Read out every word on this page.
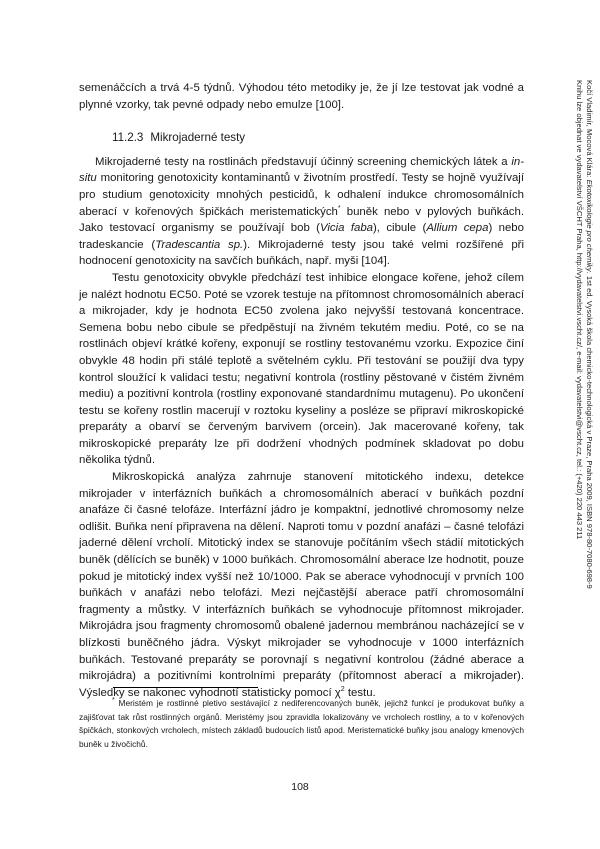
semenáčcích a trvá 4-5 týdnů. Výhodou této metodiky je, že jí lze testovat jak vodné a plynné vzorky, tak pevné odpady nebo emulze [100].

11.2.3 Mikrojaderné testy

Mikrojaderné testy na rostlinách představují účinný screening chemických látek a in-situ monitoring genotoxicity kontaminantů v životním prostředí. Testy se hojně využívají pro studium genotoxicity mnohých pesticidů, k odhalení indukce chromosomálních aberací v kořenových špičkách meristematických* buněk nebo v pylových buňkách. Jako testovací organismy se používají bob (Vicia faba), cibule (Allium cepa) nebo tradeskancie (Tradescantia sp.). Mikrojaderné testy jsou také velmi rozšířené při hodnocení genotoxicity na savčích buňkách, např. myši [104].

Testu genotoxicity obvykle předchází test inhibice elongace kořene, jehož cílem je nalézt hodnotu EC50. Poté se vzorek testuje na přítomnost chromosomálních aberací a mikrojader, kdy je hodnota EC50 zvolena jako nejvyšší testovaná koncentrace. Semena bobu nebo cibule se předpěstují na živném tekutém mediu. Poté, co se na rostlinách objeví krátké kořeny, exponují se rostliny testovanému vzorku. Expozice činí obvykle 48 hodin při stálé teplotě a světelném cyklu. Při testování se použijí dva typy kontrol sloužící k validaci testu; negativní kontrola (rostliny pěstované v čistém živném mediu) a pozitivní kontrola (rostliny exponované standardnímu mutagenu). Po ukončení testu se kořeny rostlin macerují v roztoku kyseliny a posléze se připraví mikroskopické preparáty a obarví se červeným barvivem (orcein). Jak macerované kořeny, tak mikroskopické preparáty lze při dodržení vhodných podmínek skladovat po dobu několika týdnů.

Mikroskopická analýza zahrnuje stanovení mitotického indexu, detekce mikrojader v interfázních buňkách a chromosomálních aberací v buňkách pozdní anafáze či časné telofáze. Interfázní jádro je kompaktní, jednotlivé chromosomy nelze odlišit. Buňka není připravena na dělení. Naproti tomu v pozdní anafázi – časné telofázi jaderné dělení vrcholí. Mitotický index se stanovuje počítáním všech stádií mitotických buněk (dělících se buněk) v 1000 buňkách. Chromosomální aberace lze hodnotit, pouze pokud je mitotický index vyšší než 10/1000. Pak se aberace vyhodnocují v prvních 100 buňkách v anafázi nebo telofázi. Mezi nejčastější aberace patří chromosomální fragmenty a můstky. V interfázních buňkách se vyhodnocuje přítomnost mikrojader. Mikrojádra jsou fragmenty chromosomů obalené jadernou membránou nacházející se v blízkosti buněčného jádra. Výskyt mikrojader se vyhodnocuje v 1000 interfázních buňkách. Testované preparáty se porovnají s negativní kontrolou (žádné aberace a mikrojádra) a pozitivními kontrolními preparáty (přítomnost aberací a mikrojader). Výsledky se nakonec vyhodnotí statisticky pomocí $\chi^2$ testu.

* Meristém je rostlinné pletivo sestávající z nediferencovaných buněk, jejichž funkcí je produkovat buňky a zajišťovat tak růst rostlinných orgánů. Meristémy jsou zpravidla lokalizovány ve vrcholech rostliny, a to v kořenových špičkách, stonkových vrcholech, místech základů budoucích listů apod. Meristematické buňky jsou analogy kmenových buněk u živočichů.

108
Kočí Vladimír, Mocová Klára: Ekotoxikologie pro chemiky. 1st ed. Vysoká škola chemicko-technologická v Praze, Praha 2009, ISBN 978-80-7080-698-9
Knihu lze objednat ve vydavatelství VŠCHT Praha, http://vydavatelstvi.vscht.cz/, e-mail: vydavatelstvi@vscht.cz, tel.: (+420) 220 443 211
